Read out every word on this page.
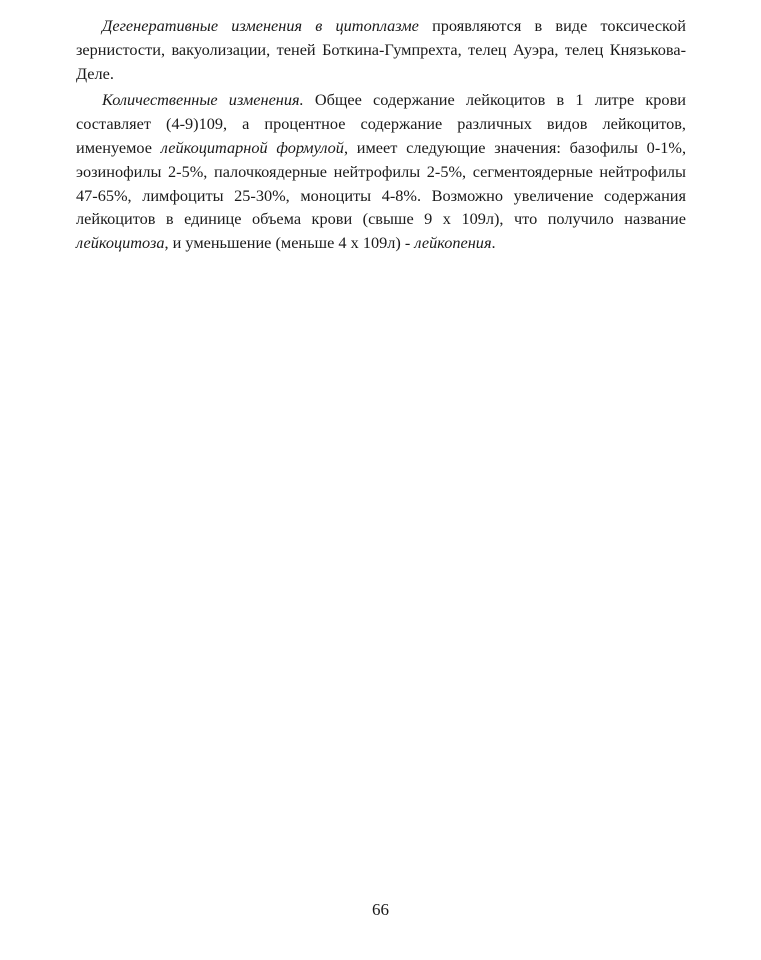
Дегенеративные изменения в цитоплазме проявляются в виде токсической зернистости, вакуолизации, теней Боткина-Гумпрехта, телец Ауэра, телец Князькова-Деле.

Количественные изменения. Общее содержание лейкоцитов в 1 литре крови составляет (4-9)109, а процентное содержание различных видов лейкоцитов, именуемое лейкоцитарной формулой, имеет следующие значения: базофилы 0-1%, эозинофилы 2-5%, палочкоядерные нейтрофилы 2-5%, сегментоядерные нейтрофилы 47-65%, лимфоциты 25-30%, моноциты 4-8%. Возможно увеличение содержания лейкоцитов в единице объема крови (свыше 9 х 109л), что получило название лейкоцитоза, и уменьшение (меньше 4 х 109л) - лейкопения.

66
